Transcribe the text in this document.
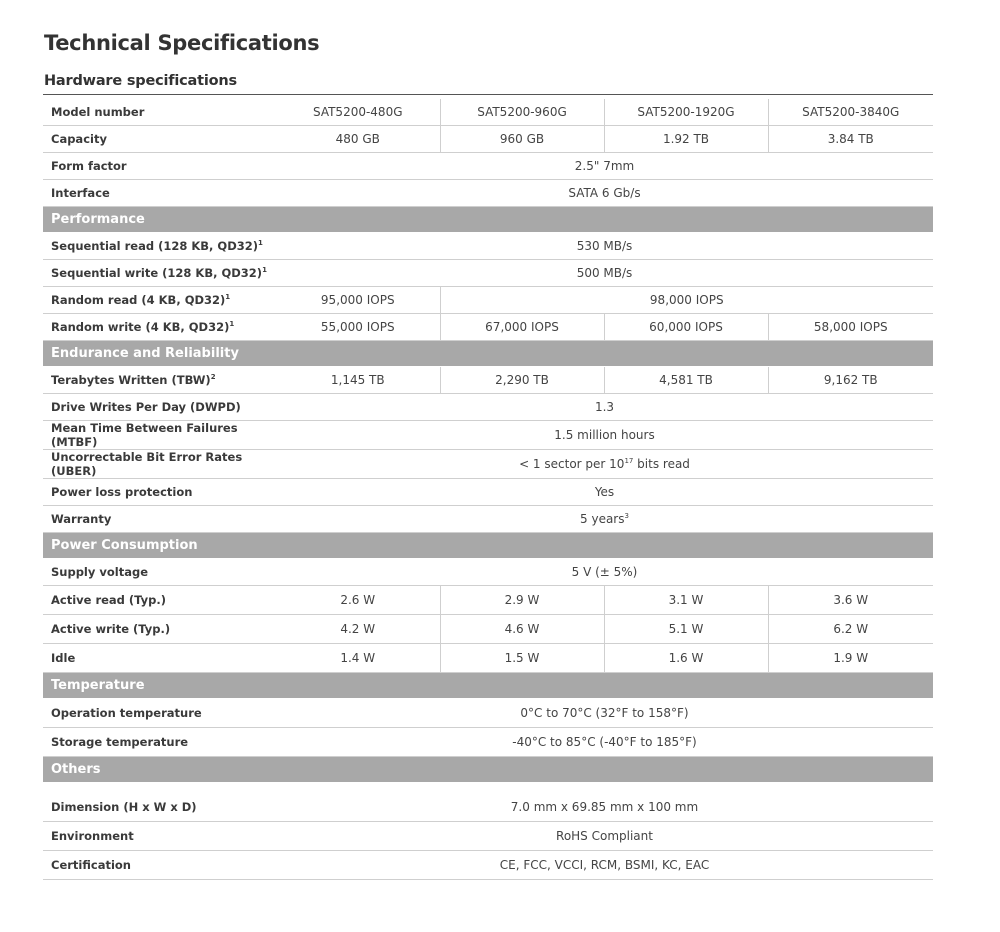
Technical Specifications
Hardware specifications
Model number	SAT5200-480G	SAT5200-960G	SAT5200-1920G	SAT5200-3840G
Capacity	480 GB	960 GB	1.92 TB	3.84 TB
Form factor	2.5" 7mm			
Interface	SATA 6 Gb/s			
Performance				
Sequential read (128 KB, QD32)$^1$	530 MB/s			
Sequential write (128 KB, QD32)$^1$	500 MB/s			
Random read (4 KB, QD32)$^1$	95,000 IOPS	98,000 IOPS		
Random write (4 KB, QD32)$^1$	55,000 IOPS	67,000 IOPS	60,000 IOPS	58,000 IOPS
Endurance and Reliability				
Terabytes Written (TBW)$^2$	1,145 TB	2,290 TB	4,581 TB	9,162 TB
Drive Writes Per Day (DWPD)	1.3			
Mean Time Between Failures (MTBF)	1.5 million hours			
Uncorrectable Bit Error Rates (UBER)	< 1 sector per $10^{17}$ bits read			
Power loss protection	Yes			
Warranty	5 years$^3$
Power Consumption				
Supply voltage	5 V (± 5%)			
Active read (Typ.)	2.6 W	2.9 W	3.1 W	3.6 W
Active write (Typ.)	4.2 W	4.6 W	5.1 W	6.2 W
Idle	1.4 W	1.5 W	1.6 W	1.9 W
Temperature				
Operation temperature	0°C to 70°C (32°F to 158°F)			
Storage temperature	-40°C to 85°C (-40°F to 185°F)			
Others				

Dimension (H x W x D)	7.0 mm x 69.85 mm x 100 mm			
Environment	RoHS Compliant			
Certification	CE, FCC, VCCI, RCM, BSMI, KC, EAC			
